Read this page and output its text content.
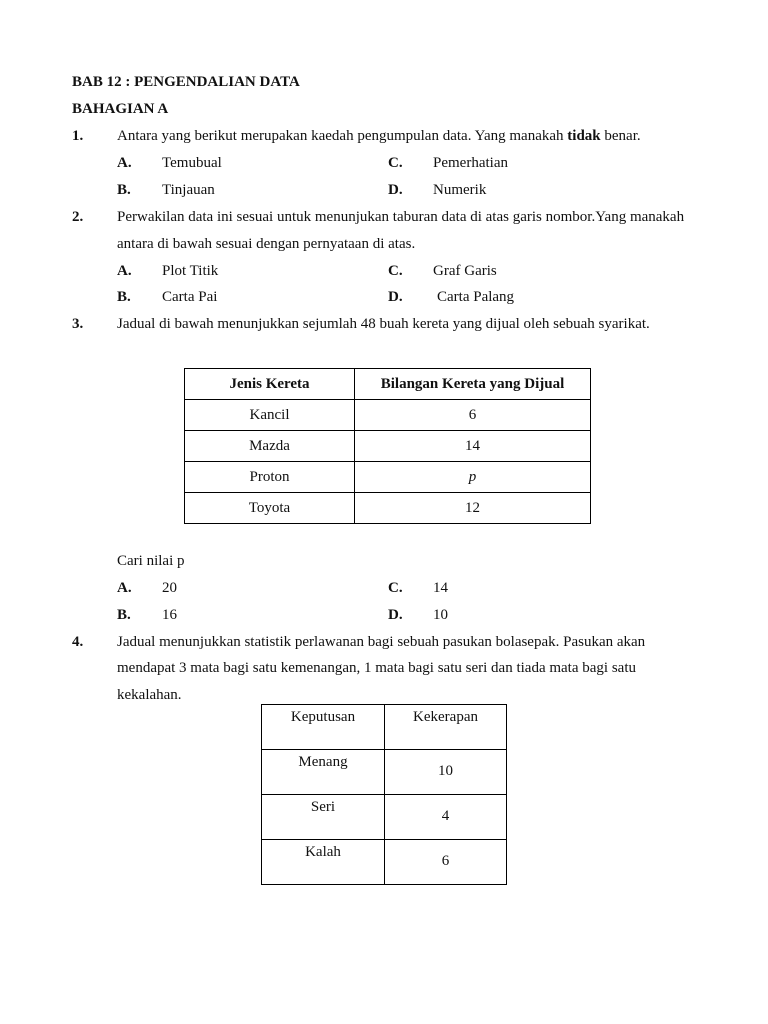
BAB 12 : PENGENDALIAN DATA
BAHAGIAN A
1. Antara yang berikut merupakan kaedah pengumpulan data. Yang manakah tidak benar.
A. Temubual	C. Pemerhatian
B. Tinjauan	D. Numerik
2. Perwakilan data ini sesuai untuk menunjukan taburan data di atas garis nombor.Yang manakah
antara di bawah sesuai dengan pernyataan di atas.
A. Plot Titik	C. Graf Garis
B. Carta Pai	D. Carta Palang
3. Jadual di bawah menunjukkan sejumlah 48 buah kereta yang dijual oleh sebuah syarikat.
Jenis Kereta	Bilangan Kereta yang Dijual
Kancil	6
Mazda	14
Proton	p
Toyota	12
Cari nilai p
A. 20	C. 14
B. 16	D. 10
4. Jadual menunjukkan statistik perlawanan bagi sebuah pasukan bolasepak. Pasukan akan
mendapat 3 mata bagi satu kemenangan, 1 mata bagi satu seri dan tiada mata bagi satu
kekalahan.
Keputusan	Kekerapan

Menang	10

Seri	4

Kalah	6
